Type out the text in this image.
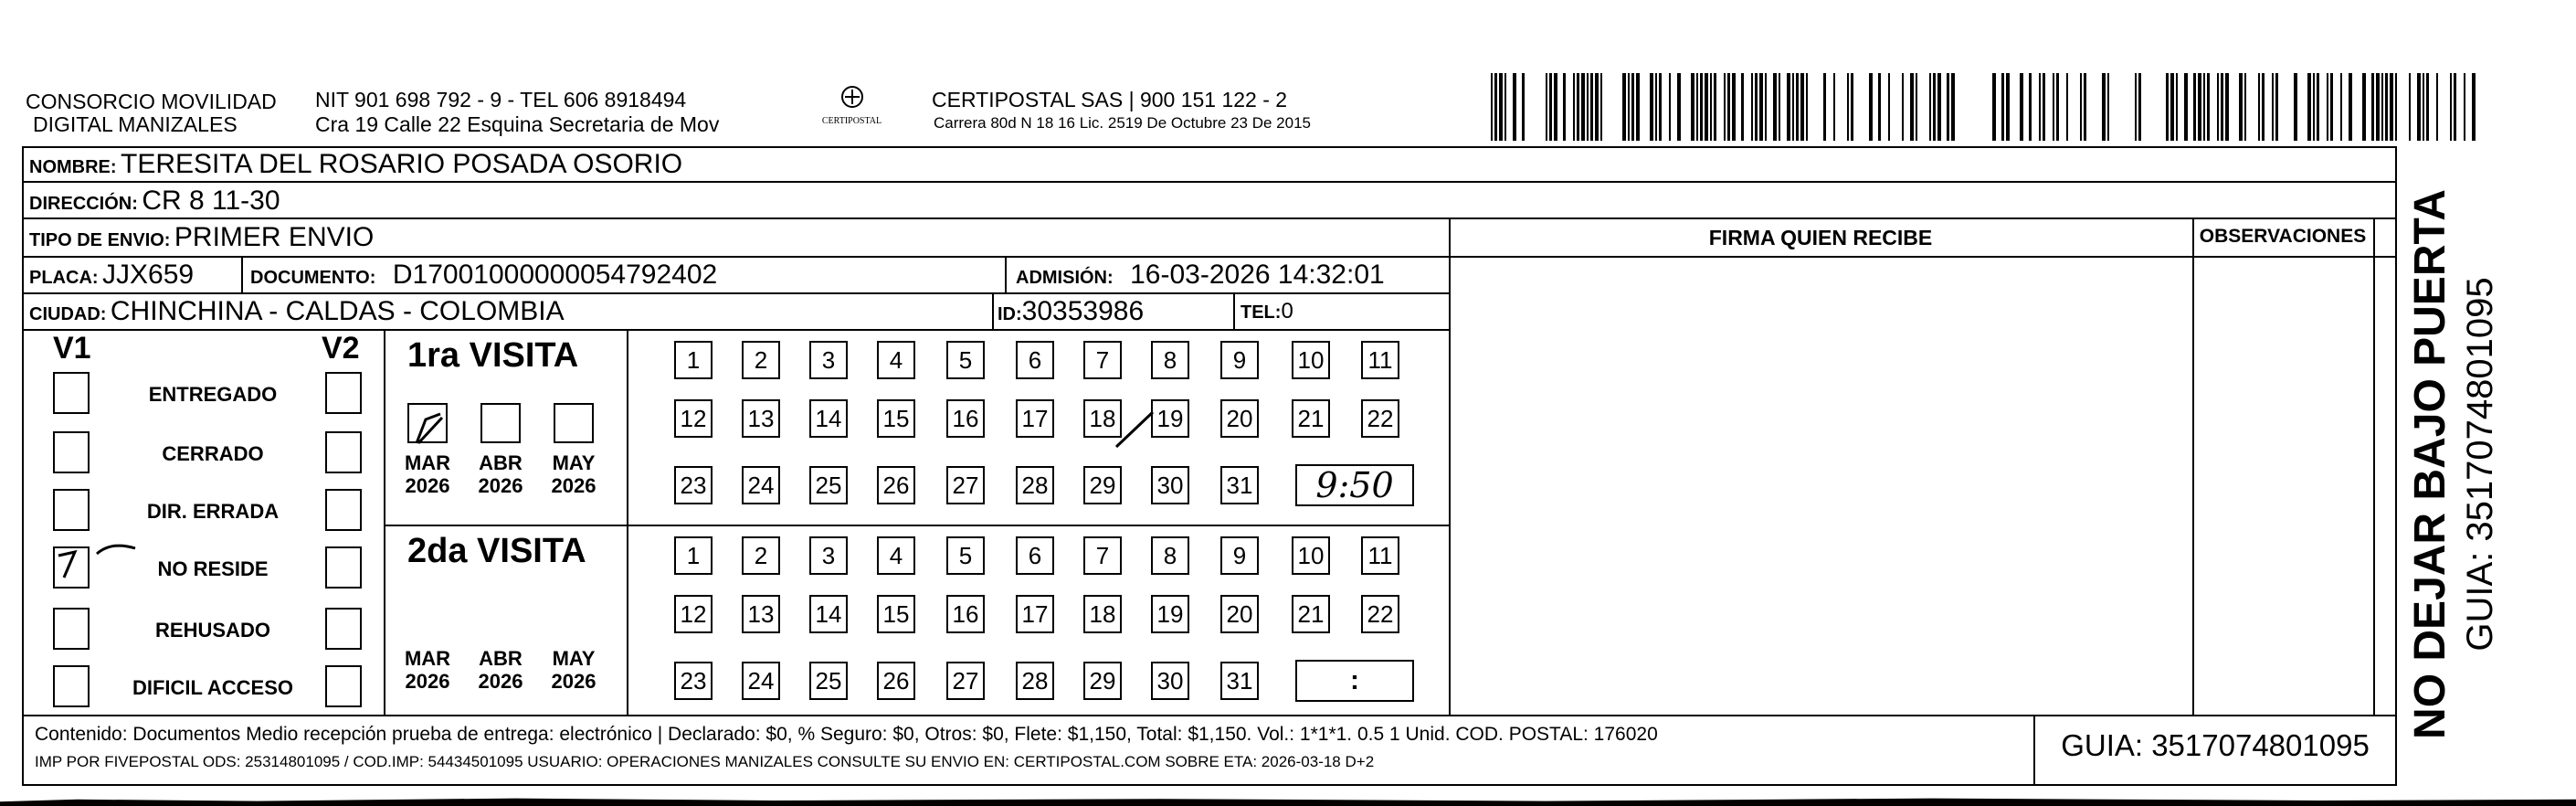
CONSORCIO MOVILIDAD
DIGITAL MANIZALES
NIT 901 698 792 - 9 - TEL 606 8918494
Cra 19 Calle 22 Esquina Secretaria de Mov	CERTIPOSTAL
CERTIPOSTAL SAS | 900 151 122 - 2
Carrera 80d N 18 16 Lic. 2519 De Octubre 23 De 2015
NOMBRE: TERESITA DEL ROSARIO POSADA OSORIO
DIRECCIÓN: CR 8 11-30
TIPO DE ENVIO: PRIMER ENVIO
PLACA: JJX659	DOCUMENTO: D17001000000054792402	ADMISIÓN: 16-03-2026 14:32:01
CIUDAD: CHINCHINA - CALDAS - COLOMBIA	ID:30353986	TEL:0
FIRMA QUIEN RECIBE	OBSERVACIONES
V1	V2
ENTREGADO
CERRADO
DIR. ERRADA
NO RESIDE
REHUSADO
DIFICIL ACCESO
1ra VISITA
2da VISITA
MAR
2026
ABR
2026
MAY
2026
MAR
2026
ABR
2026
MAY
2026
1	2	3	4	5	6	7	8	9	10 11
12 13 14 15 16 17 18 19 20 21 22
23 24 25 26 27 28 29 30 31
1	2	3	4	5	6	7	8	9	10 11
12 13 14 15 16 17 18 19 20 21 22
23 24 25 26 27 28 29 30 31
9:50
:
Contenido: Documentos Medio recepción prueba de entrega: electrónico | Declarado: $0, % Seguro: $0, Otros: $0, Flete: $1,150, Total: $1,150. Vol.: 1*1*1. 0.5 1 Unid. COD. POSTAL: 176020
IMP POR FIVEPOSTAL ODS: 25314801095 / COD.IMP: 54434501095 USUARIO: OPERACIONES MANIZALES CONSULTE SU ENVIO EN: CERTIPOSTAL.COM SOBRE ETA: 2026-03-18 D+2	GUIA: 3517074801095
NO DEJAR BAJO PUERTA GUIA: 3517074801095
